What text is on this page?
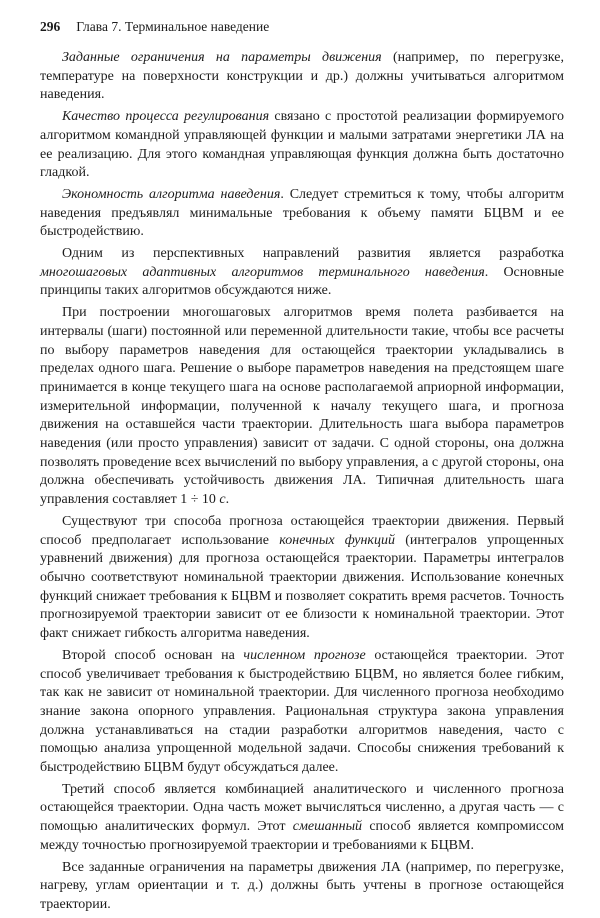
296 Глава 7. Терминальное наведение

Заданные ограничения на параметры движения (например, по перегрузке, температуре на поверхности конструкции и др.) должны учитываться алгоритмом наведения.

Качество процесса регулирования связано с простотой реализации формируемого алгоритмом командной управляющей функции и малыми затратами энергетики ЛА на ее реализацию. Для этого командная управляющая функция должна быть достаточно гладкой.

Экономность алгоритма наведения. Следует стремиться к тому, чтобы алгоритм наведения предъявлял минимальные требования к объему памяти БЦВМ и ее быстродействию.

Одним из перспективных направлений развития является разработка многошаговых адаптивных алгоритмов терминального наведения. Основные принципы таких алгоритмов обсуждаются ниже.

При построении многошаговых алгоритмов время полета разбивается на интервалы (шаги) постоянной или переменной длительности такие, чтобы все расчеты по выбору параметров наведения для остающейся траектории укладывались в пределах одного шага. Решение о выборе параметров наведения на предстоящем шаге принимается в конце текущего шага на основе располагаемой априорной информации, измерительной информации, полученной к началу текущего шага, и прогноза движения на оставшейся части траектории. Длительность шага выбора параметров наведения (или просто управления) зависит от задачи. С одной стороны, она должна позволять проведение всех вычислений по выбору управления, а с другой стороны, она должна обеспечивать устойчивость движения ЛА. Типичная длительность шага управления составляет 1 ÷ 10 с.

Существуют три способа прогноза остающейся траектории движения. Первый способ предполагает использование конечных функций (интегралов упрощенных уравнений движения) для прогноза остающейся траектории. Параметры интегралов обычно соответствуют номинальной траектории движения. Использование конечных функций снижает требования к БЦВМ и позволяет сократить время расчетов. Точность прогнозируемой траектории зависит от ее близости к номинальной траектории. Этот факт снижает гибкость алгоритма наведения.

Второй способ основан на численном прогнозе остающейся траектории. Этот способ увеличивает требования к быстродействию БЦВМ, но является более гибким, так как не зависит от номинальной траектории. Для численного прогноза необходимо знание закона опорного управления. Рациональная структура закона управления должна устанавливаться на стадии разработки алгоритмов наведения, часто с помощью анализа упрощенной модельной задачи. Способы снижения требований к быстродействию БЦВМ будут обсуждаться далее.

Третий способ является комбинацией аналитического и численного прогноза остающейся траектории. Одна часть может вычисляться численно, а другая часть — с помощью аналитических формул. Этот смешанный способ является компромиссом между точностью прогнозируемой траектории и требованиями к БЦВМ.

Все заданные ограничения на параметры движения ЛА (например, по перегрузке, нагреву, углам ориентации и т. д.) должны быть учтены в прогнозе остающейся траектории.
